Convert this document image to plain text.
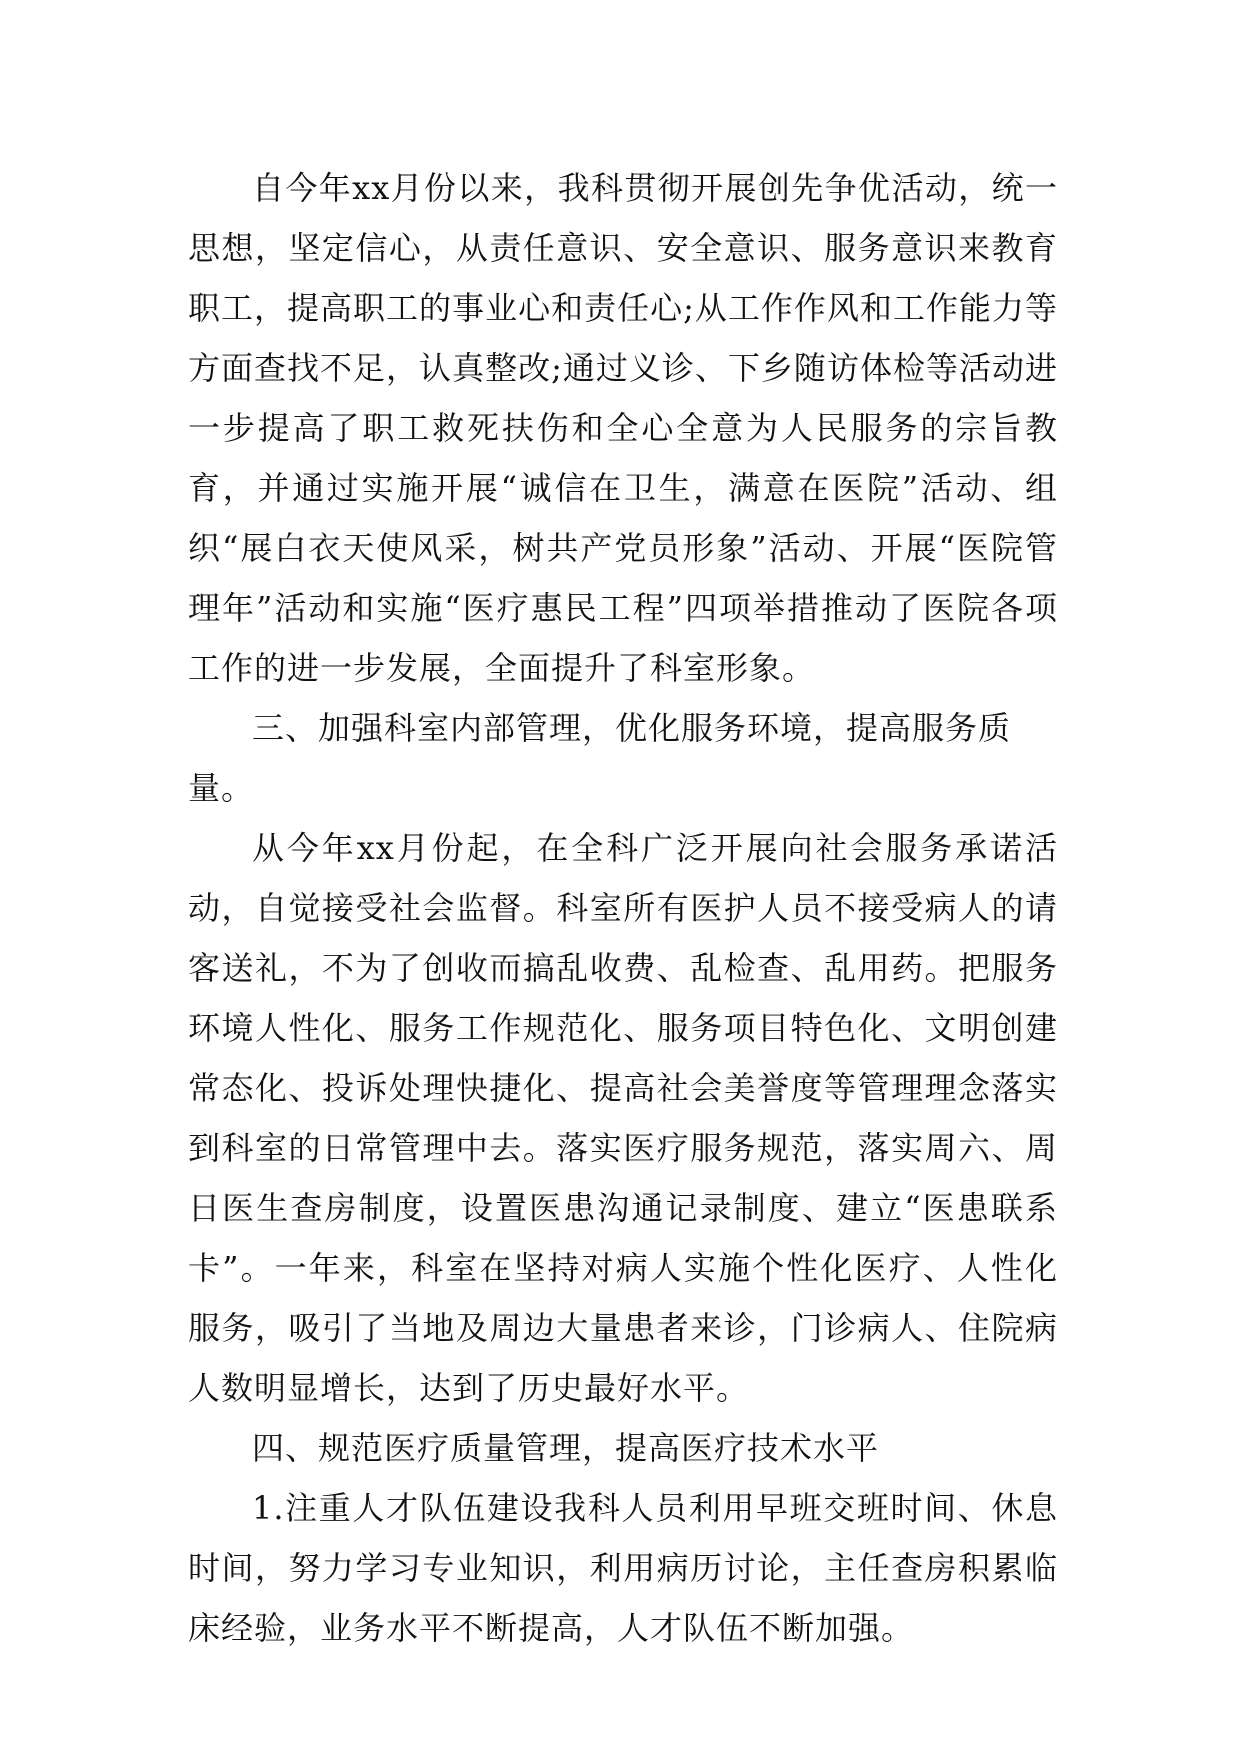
自今年xx月份以来，我科贯彻开展创先争优活动，统一思想，坚定信心，从责任意识、安全意识、服务意识来教育职工，提高职工的事业心和责任心;从工作作风和工作能力等方面查找不足，认真整改;通过义诊、下乡随访体检等活动进一步提高了职工救死扶伤和全心全意为人民服务的宗旨教育，并通过实施开展“诚信在卫生，满意在医院”活动、组织“展白衣天使风采，树共产党员形象”活动、开展“医院管理年”活动和实施“医疗惠民工程”四项举措推动了医院各项工作的进一步发展，全面提升了科室形象。

三、加强科室内部管理，优化服务环境，提高服务质量。

从今年xx月份起，在全科广泛开展向社会服务承诺活动，自觉接受社会监督。科室所有医护人员不接受病人的请客送礼，不为了创收而搞乱收费、乱检查、乱用药。把服务环境人性化、服务工作规范化、服务项目特色化、文明创建常态化、投诉处理快捷化、提高社会美誉度等管理理念落实到科室的日常管理中去。落实医疗服务规范，落实周六、周日医生查房制度，设置医患沟通记录制度、建立“医患联系卡”。一年来，科室在坚持对病人实施个性化医疗、人性化服务，吸引了当地及周边大量患者来诊，门诊病人、住院病人数明显增长，达到了历史最好水平。

四、规范医疗质量管理，提高医疗技术水平

1.注重人才队伍建设我科人员利用早班交班时间、休息时间，努力学习专业知识，利用病历讨论，主任查房积累临床经验，业务水平不断提高，人才队伍不断加强。
